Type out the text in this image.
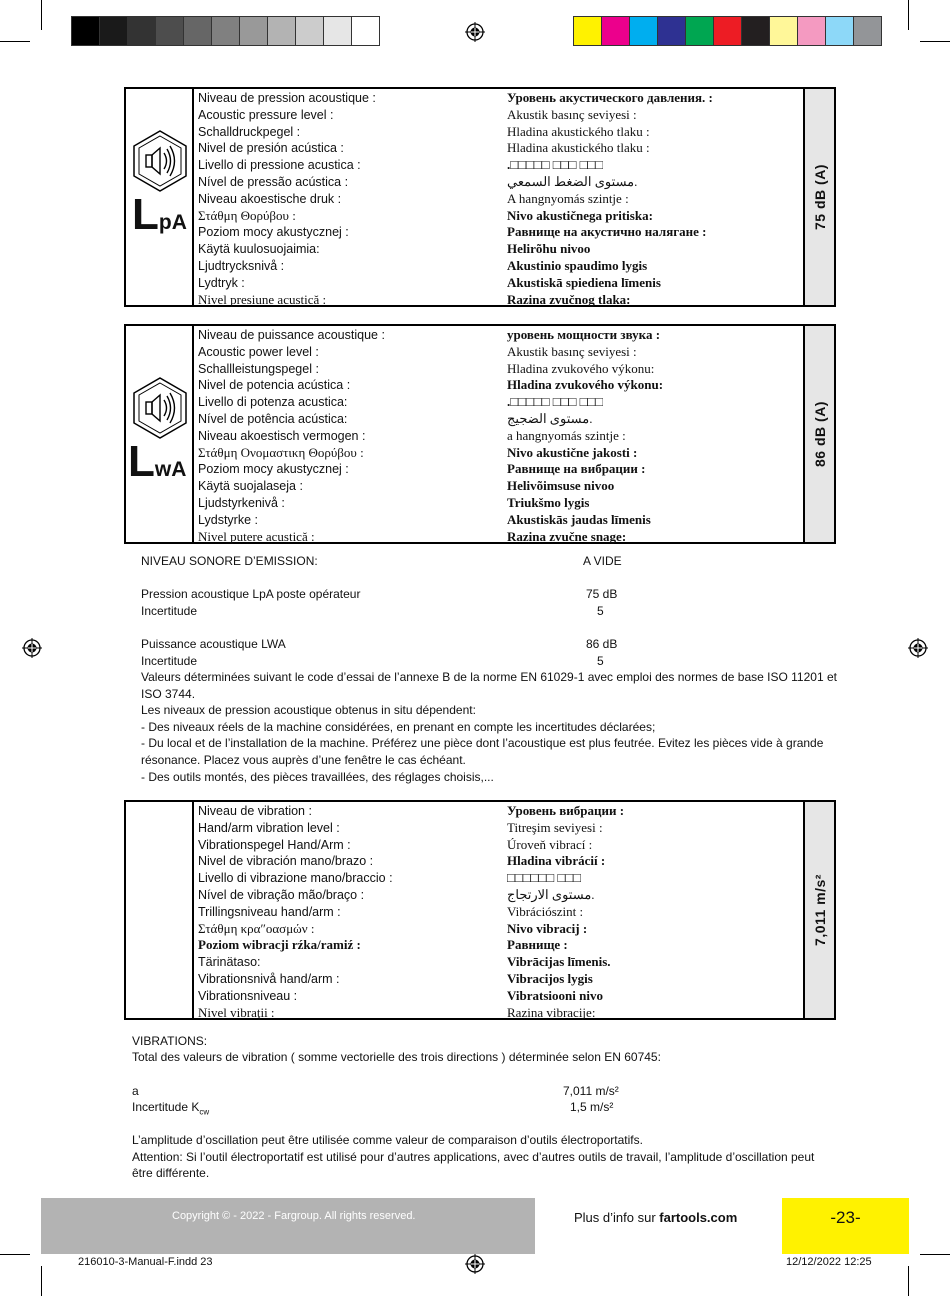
LpA
Niveau de pression acoustique :	Уровень акустического давления. :
Acoustic pressure level :	Akustik basınç seviyesi :
Schalldruckpegel :	Hladina akustického tlaku :
Nivel de presión acústica :	Hladina akustického tlaku :
Livello di pressione acustica :	.□□□□□ □□□ □□□
Nível de pressão acústica :	مستوى الضغط السمعي.
Niveau akoestische druk :	A hangnyomás szintje :
Στάθμη Θορύβου :	Nivo akustičnega pritiska:
Poziom mocy akustycznej :	Равнище на акустично налягане :
Käytä kuulosuojaimia:	Helirõhu nivoo
Ljudtrycksnivå :	Akustinio spaudimo lygis
Lydtryk :	Akustiskā spiediena līmenis
Nivel presiune acustică :	Razina zvučnog tlaka:
75 dB (A)
LwA
Niveau de puissance acoustique :	уровень мощности звука :
Acoustic power level :	Akustik basınç seviyesi :
Schallleistungspegel :	Hladina zvukového výkonu:
Nivel de potencia acústica :	Hladina zvukového výkonu:
Livello di potenza acustica:	.□□□□□ □□□ □□□
Nível de potência acústica:	مستوى الضجيج.
Niveau akoestisch vermogen :	a hangnyomás szintje :
Στάθμη Ονομαστικη Θορύβου :	Nivo akustične jakosti :
Poziom mocy akustycznej :	Равнище на вибрации :
Käytä suojalaseja :	Helivõimsuse nivoo
Ljudstyrkenivå :	Triukšmo lygis
Lydstyrke :	Akustiskās jaudas līmenis
Nivel putere acustică :	Razina zvučne snage:
86 dB (A)
NIVEAU SONORE D’EMISSION:	A VIDE
Pression acoustique LpA poste opérateur	75 dB
Incertitude	5
Puissance acoustique LWA	86 dB
Incertitude	5
Valeurs déterminées suivant le code d’essai de l’annexe B de la norme EN 61029-1 avec emploi des normes de base ISO 11201 et
ISO 3744.
Les niveaux de pression acoustique obtenus in situ dépendent:
- Des niveaux réels de la machine considérées, en prenant en compte les incertitudes déclarées;
- Du local et de l’installation de la machine. Préférez une pièce dont l’acoustique est plus feutrée. Evitez les pièces vide à grande
résonance. Placez vous auprès d’une fenêtre le cas échéant.
- Des outils montés, des pièces travaillées, des réglages choisis,...
Niveau de vibration :	Уровень вибрации :
Hand/arm vibration level :	Titreşim seviyesi :
Vibrationspegel Hand/Arm :	Úroveň vibrací :
Nivel de vibración mano/brazo :	Hladina vibrácií :
Livello di vibrazione mano/braccio :	□□□□□□ □□□
Nível de vibração mão/braço :	مستوى الارتجاج.
Trillingsniveau hand/arm :	Vibrációszint :
Στάθμη κρα″οασμών :	Nivo vibracij :
Poziom wibracji rźka/ramiź :	Равнище :
Tärinätaso:	Vibrācijas līmenis.
Vibrationsnivå hand/arm :	Vibracijos lygis
Vibrationsniveau :	Vibratsiooni nivo
Nivel vibraţii :	Razina vibracije:
7,011 m/s²
VIBRATIONS:
Total des valeurs de vibration ( somme vectorielle des trois directions ) déterminée selon EN 60745:
a	7,011 m/s²
Incertitude $K_{cw}$	1,5 m/s²
L’amplitude d’oscillation peut être utilisée comme valeur de comparaison d’outils électroportatifs.
Attention: Si l’outil électroportatif est utilisé pour d’autres applications, avec d’autres outils de travail, l’amplitude d’oscillation peut
être différente.
Copyright © - 2022 - Fargroup. All rights reserved.	Plus d’info sur fartools.com	-23-
216010-3-Manual-F.indd 23	12/12/2022 12:25
